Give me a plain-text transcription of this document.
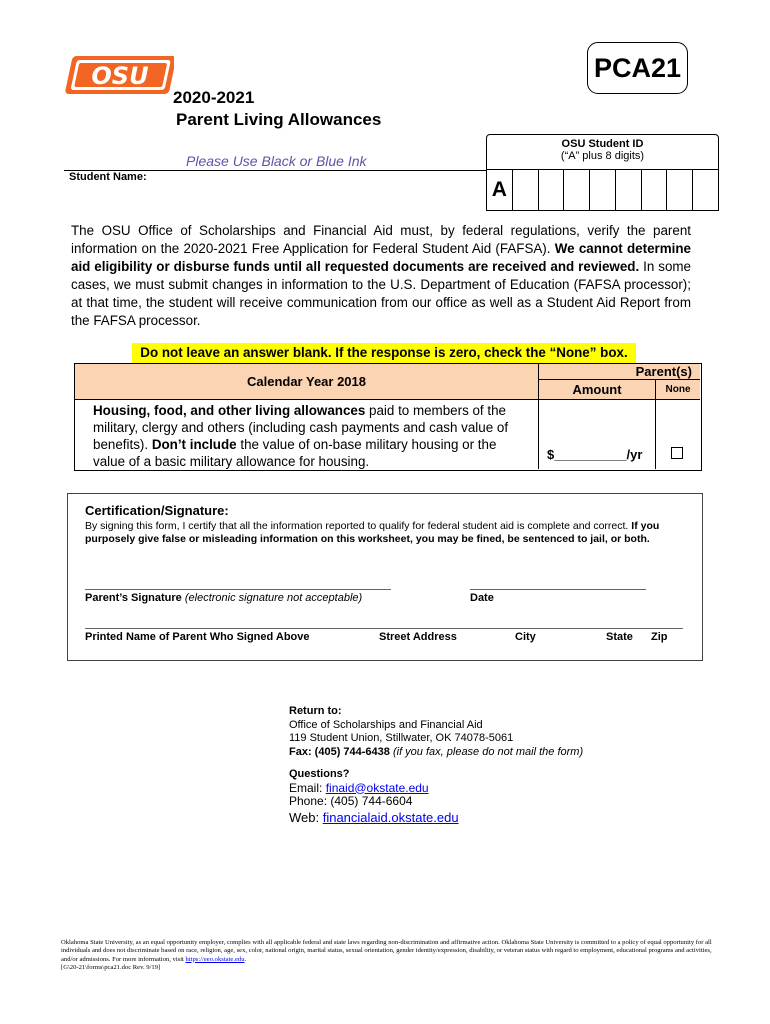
OSU	PCA21
2020-2021
Parent Living Allowances
Please Use Black or Blue Ink
OSU Student ID
(“A” plus 8 digits)
A
Student Name:
The OSU Office of Scholarships and Financial Aid must, by federal regulations, verify the parent information on the 2020-2021 Free Application for Federal Student Aid (FAFSA). We cannot determine aid eligibility or disburse funds until all requested documents are received and reviewed. In some cases, we must submit changes in information to the U.S. Department of Education (FAFSA processor); at that time, the student will receive communication from our office as well as a Student Aid Report from the FAFSA processor.
Do not leave an answer blank. If the response is zero, check the “None” box.
Calendar Year 2018
Parent(s)
Amount	None
Housing, food, and other living allowances paid to members of the military, clergy and others (including cash payments and cash value of benefits). Don’t include the value of on-base military housing or the value of a basic military allowance for housing.	$__________/yr
Certification/Signature:
By signing this form, I certify that all the information reported to qualify for federal student aid is complete and correct. If you purposely give false or misleading information on this worksheet, you may be fined, be sentenced to jail, or both.
Parent’s Signature (electronic signature not acceptable)	Date
Printed Name of Parent Who Signed Above	Street Address	City	State Zip
Return to:
Office of Scholarships and Financial Aid
119 Student Union, Stillwater, OK 74078-5061
Fax: (405) 744-6438 (if you fax, please do not mail the form)
Questions?
Email: finaid@okstate.edu
Phone: (405) 744-6604
Web: financialaid.okstate.edu
Oklahoma State University, as an equal opportunity employer, complies with all applicable federal and state laws regarding non-discrimination and affirmative action. Oklahoma State University is committed to a policy of equal opportunity for all individuals and does not discriminate based on race, religion, age, sex, color, national origin, marital status, sexual orientation, gender identity/expression, disability, or veteran status with regard to employment, educational programs and activities, and/or admissions. For more information, visit https://eeo.okstate.edu.
[G\20-21\forms\pca21.doc Rev. 9/19]
